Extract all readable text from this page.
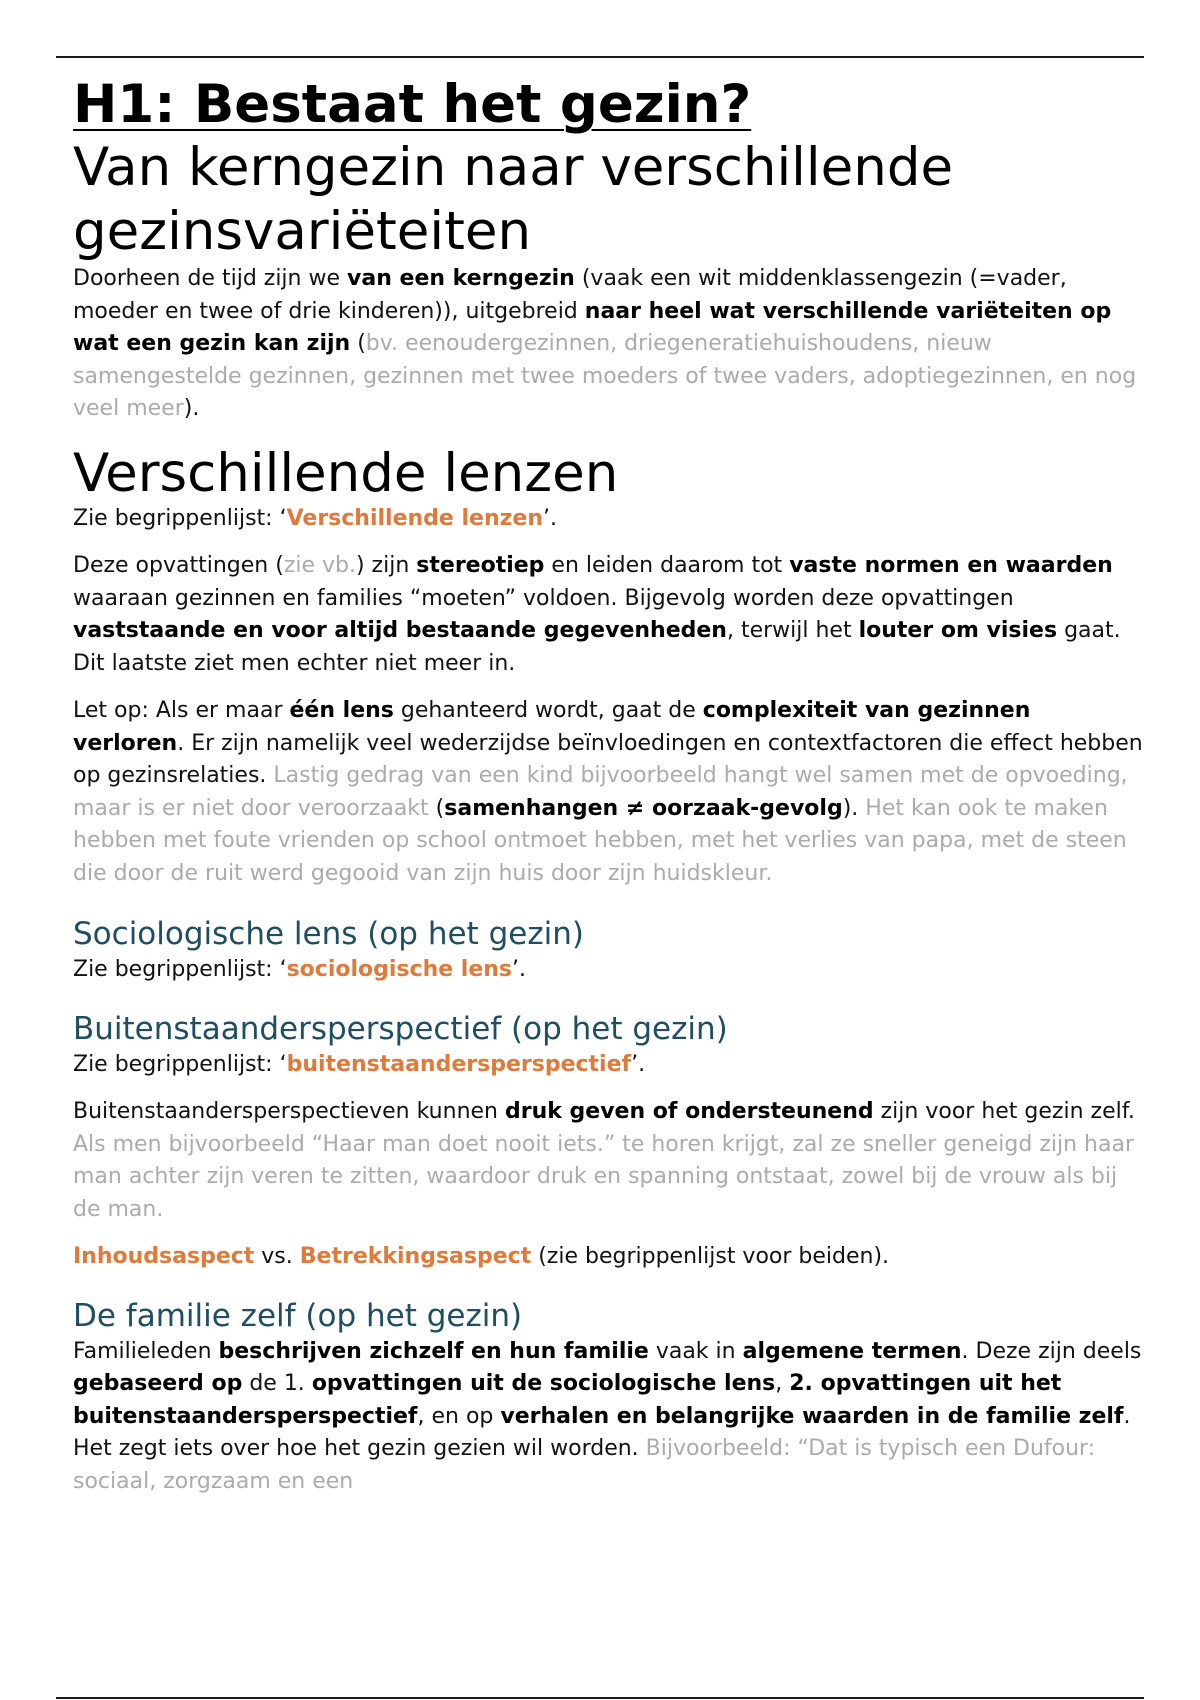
H1: Bestaat het gezin?
Van kerngezin naar verschillende gezinsvariëteiten

Doorheen de tijd zijn we van een kerngezin (vaak een wit middenklassengezin (=vader, moeder en twee of drie kinderen)), uitgebreid naar heel wat verschillende variëteiten op wat een gezin kan zijn (bv. eenoudergezinnen, driegeneratiehuishoudens, nieuw samengestelde gezinnen, gezinnen met twee moeders of twee vaders, adoptiegezinnen, en nog veel meer).

Verschillende lenzen

Zie begrippenlijst: ‘Verschillende lenzen’.

Deze opvattingen (zie vb.) zijn stereotiep en leiden daarom tot vaste normen en waarden waaraan gezinnen en families “moeten” voldoen. Bijgevolg worden deze opvattingen vaststaande en voor altijd bestaande gegevenheden, terwijl het louter om visies gaat. Dit laatste ziet men echter niet meer in.

Let op: Als er maar één lens gehanteerd wordt, gaat de complexiteit van gezinnen verloren. Er zijn namelijk veel wederzijdse beïnvloedingen en contextfactoren die effect hebben op gezinsrelaties. Lastig gedrag van een kind bijvoorbeeld hangt wel samen met de opvoeding, maar is er niet door veroorzaakt (samenhangen ≠ oorzaak-gevolg). Het kan ook te maken hebben met foute vrienden op school ontmoet hebben, met het verlies van papa, met de steen die door de ruit werd gegooid van zijn huis door zijn huidskleur.

Sociologische lens (op het gezin)

Zie begrippenlijst: ‘sociologische lens’.

Buitenstaandersperspectief (op het gezin)

Zie begrippenlijst: ‘buitenstaandersperspectief’.

Buitenstaandersperspectieven kunnen druk geven of ondersteunend zijn voor het gezin zelf. Als men bijvoorbeeld “Haar man doet nooit iets.” te horen krijgt, zal ze sneller geneigd zijn haar man achter zijn veren te zitten, waardoor druk en spanning ontstaat, zowel bij de vrouw als bij de man.

Inhoudsaspect vs. Betrekkingsaspect (zie begrippenlijst voor beiden).

De familie zelf (op het gezin)

Familieleden beschrijven zichzelf en hun familie vaak in algemene termen. Deze zijn deels gebaseerd op de 1. opvattingen uit de sociologische lens, 2. opvattingen uit het buitenstaandersperspectief, en op verhalen en belangrijke waarden in de familie zelf. Het zegt iets over hoe het gezin gezien wil worden. Bijvoorbeeld: “Dat is typisch een Dufour: sociaal, zorgzaam en een
